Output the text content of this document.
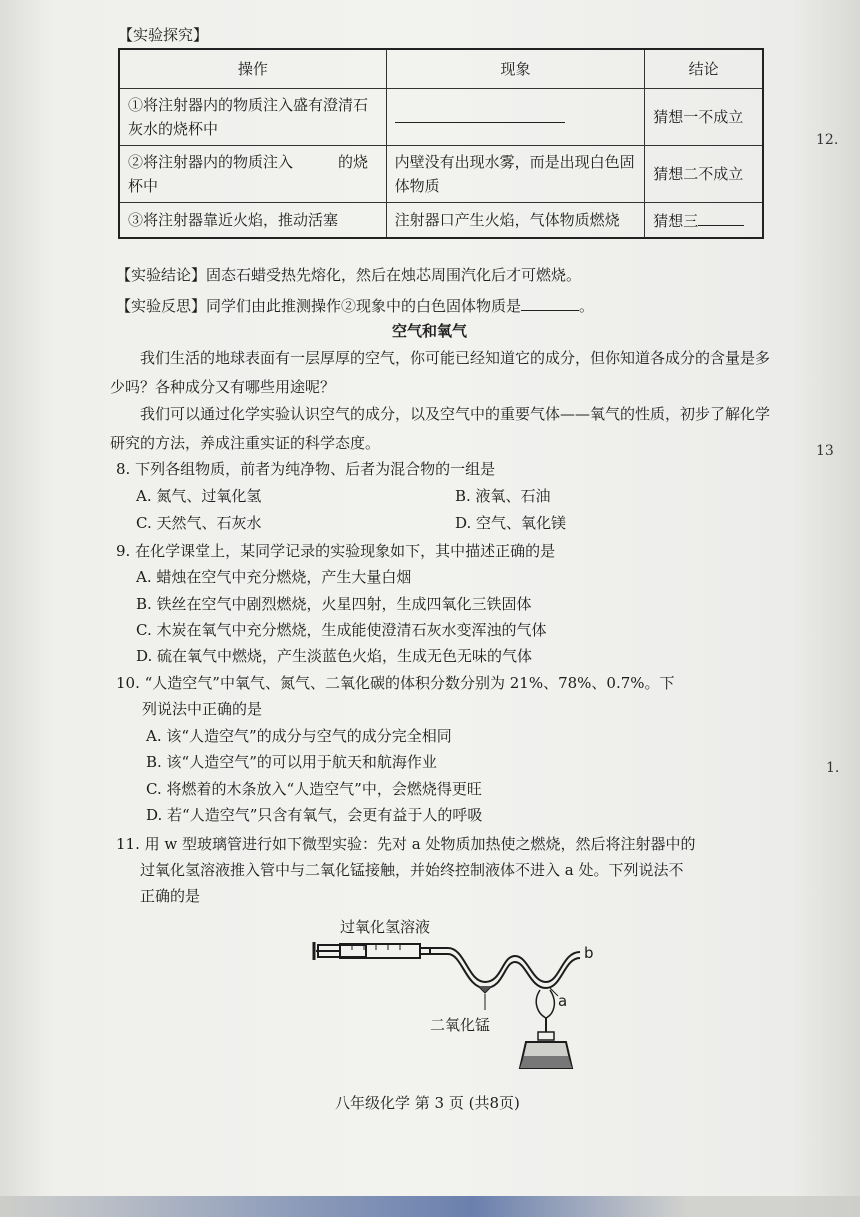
【实验探究】
操作	现象	结论
①将注射器内的物质注入盛有澄清石灰水的烧杯中		猜想一不成立
②将注射器内的物质注入　　　的烧杯中	内壁没有出现水雾，而是出现白色固体物质	猜想二不成立
③将注射器靠近火焰，推动活塞	注射器口产生火焰，气体物质燃烧	猜想三
【实验结论】固态石蜡受热先熔化，然后在烛芯周围汽化后才可燃烧。
【实验反思】同学们由此推测操作②现象中的白色固体物质是	。
空气和氧气
我们生活的地球表面有一层厚厚的空气，你可能已经知道它的成分，但你知道各成分的含量是多少吗？各种成分又有哪些用途呢？
我们可以通过化学实验认识空气的成分，以及空气中的重要气体——氧气的性质，初步了解化学研究的方法，养成注重实证的科学态度。
8. 下列各组物质，前者为纯净物、后者为混合物的一组是
A. 氮气、过氧化氢	B. 液氧、石油
C. 天然气、石灰水	D. 空气、氧化镁
9. 在化学课堂上，某同学记录的实验现象如下，其中描述正确的是
A. 蜡烛在空气中充分燃烧，产生大量白烟
B. 铁丝在空气中剧烈燃烧，火星四射，生成四氧化三铁固体
C. 木炭在氧气中充分燃烧，生成能使澄清石灰水变浑浊的气体
D. 硫在氧气中燃烧，产生淡蓝色火焰，生成无色无味的气体
10. “人造空气”中氧气、氮气、二氧化碳的体积分数分别为 21%、78%、0.7%。下
列说法中正确的是
A. 该“人造空气”的成分与空气的成分完全相同
B. 该“人造空气”的可以用于航天和航海作业
C. 将燃着的木条放入“人造空气”中，会燃烧得更旺
D. 若“人造空气”只含有氧气，会更有益于人的呼吸
11. 用 w 型玻璃管进行如下微型实验：先对 a 处物质加热使之燃烧，然后将注射器中的
过氧化氢溶液推入管中与二氧化锰接触，并始终控制液体不进入 a 处。下列说法不
正确的是
过氧化氢溶液
b
a
二氧化锰
12.
13
1.
八年级化学 第 3 页 (共8页)
